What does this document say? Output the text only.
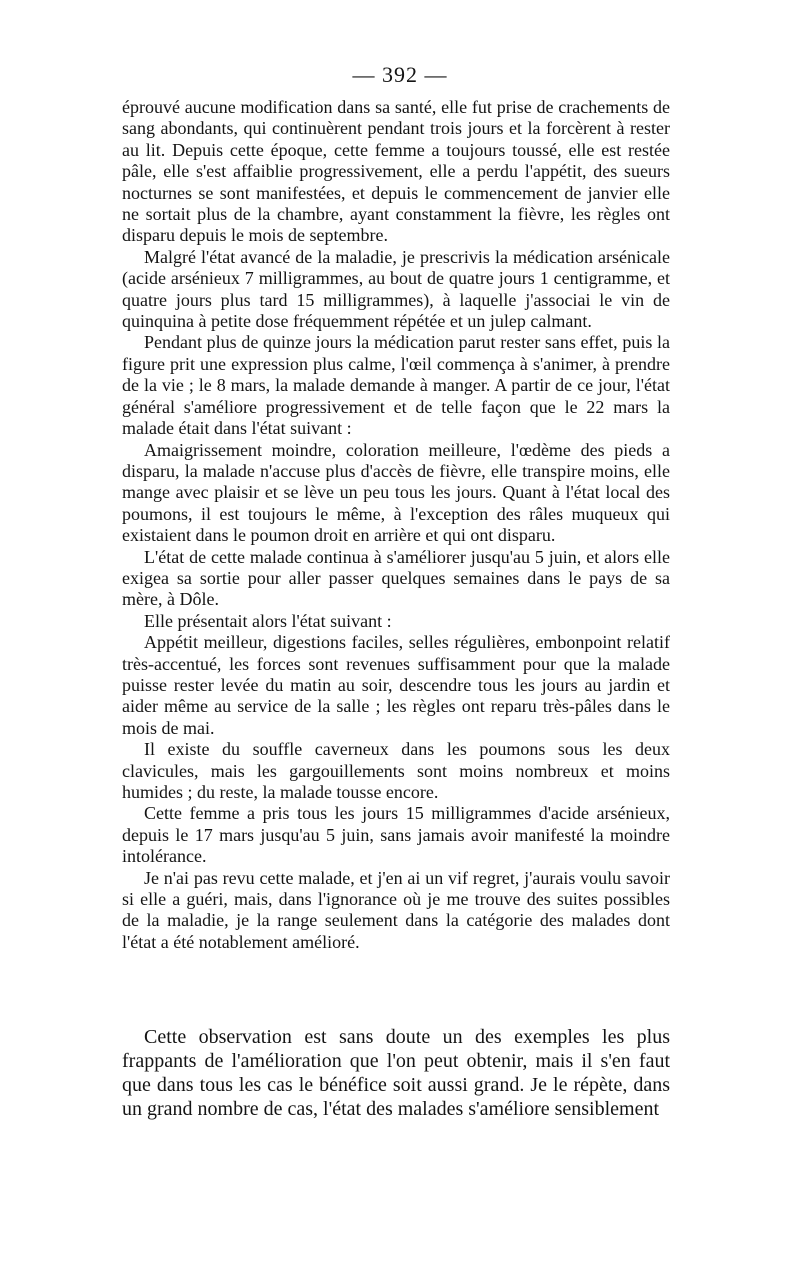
— 392 —

éprouvé aucune modification dans sa santé, elle fut prise de crachements de sang abondants, qui continuèrent pendant trois jours et la forcèrent à rester au lit. Depuis cette époque, cette femme a toujours toussé, elle est restée pâle, elle s'est affaiblie progressivement, elle a perdu l'appétit, des sueurs nocturnes se sont manifestées, et depuis le commencement de janvier elle ne sortait plus de la chambre, ayant constamment la fièvre, les règles ont disparu depuis le mois de septembre.

Malgré l'état avancé de la maladie, je prescrivis la médication arsénicale (acide arsénieux 7 milligrammes, au bout de quatre jours 1 centigramme, et quatre jours plus tard 15 milligrammes), à laquelle j'associai le vin de quinquina à petite dose fréquemment répétée et un julep calmant.

Pendant plus de quinze jours la médication parut rester sans effet, puis la figure prit une expression plus calme, l'œil commença à s'animer, à prendre de la vie ; le 8 mars, la malade demande à manger. A partir de ce jour, l'état général s'améliore progressivement et de telle façon que le 22 mars la malade était dans l'état suivant :

Amaigrissement moindre, coloration meilleure, l'œdème des pieds a disparu, la malade n'accuse plus d'accès de fièvre, elle transpire moins, elle mange avec plaisir et se lève un peu tous les jours. Quant à l'état local des poumons, il est toujours le même, à l'exception des râles muqueux qui existaient dans le poumon droit en arrière et qui ont disparu.

L'état de cette malade continua à s'améliorer jusqu'au 5 juin, et alors elle exigea sa sortie pour aller passer quelques semaines dans le pays de sa mère, à Dôle.

Elle présentait alors l'état suivant :

Appétit meilleur, digestions faciles, selles régulières, embonpoint relatif très-accentué, les forces sont revenues suffisamment pour que la malade puisse rester levée du matin au soir, descendre tous les jours au jardin et aider même au service de la salle ; les règles ont reparu très-pâles dans le mois de mai.

Il existe du souffle caverneux dans les poumons sous les deux clavicules, mais les gargouillements sont moins nombreux et moins humides ; du reste, la malade tousse encore.

Cette femme a pris tous les jours 15 milligrammes d'acide arsénieux, depuis le 17 mars jusqu'au 5 juin, sans jamais avoir manifesté la moindre intolérance.

Je n'ai pas revu cette malade, et j'en ai un vif regret, j'aurais voulu savoir si elle a guéri, mais, dans l'ignorance où je me trouve des suites possibles de la maladie, je la range seulement dans la catégorie des malades dont l'état a été notablement amélioré.

Cette observation est sans doute un des exemples les plus frappants de l'amélioration que l'on peut obtenir, mais il s'en faut que dans tous les cas le bénéfice soit aussi grand. Je le répète, dans un grand nombre de cas, l'état des malades s'améliore sensiblement
